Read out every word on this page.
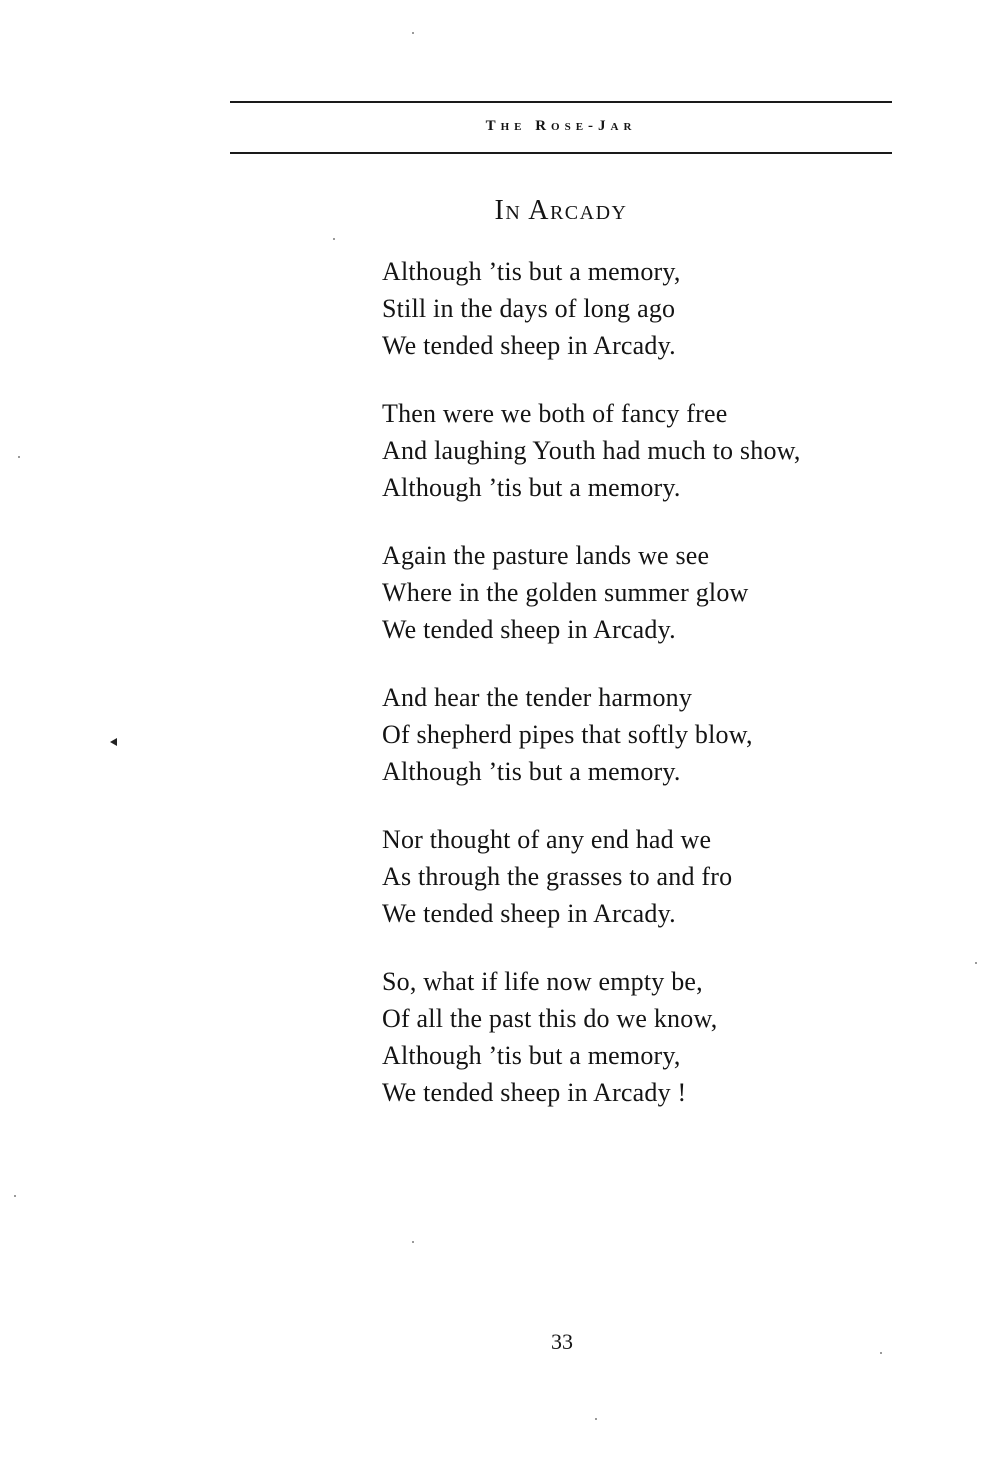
The Rose-Jar
In Arcady
Although ’tis but a memory,
Still in the days of long ago
We tended sheep in Arcady.
Then were we both of fancy free
And laughing Youth had much to show,
Although ’tis but a memory.
Again the pasture lands we see
Where in the golden summer glow
We tended sheep in Arcady.
And hear the tender harmony
Of shepherd pipes that softly blow,
Although ’tis but a memory.
Nor thought of any end had we
As through the grasses to and fro
We tended sheep in Arcady.
So, what if life now empty be,
Of all the past this do we know,
Although ’tis but a memory,
We tended sheep in Arcady !
33
